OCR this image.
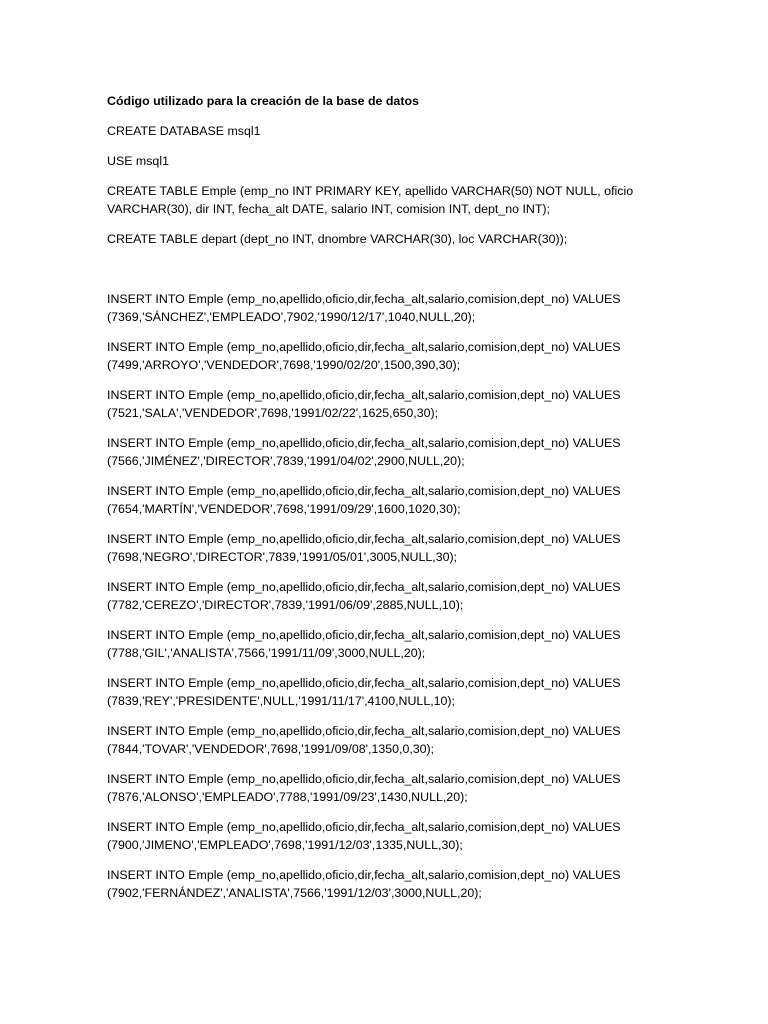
Código utilizado para la creación de la base de datos

CREATE DATABASE msql1

USE msql1

CREATE TABLE Emple (emp_no INT PRIMARY KEY, apellido VARCHAR(50) NOT NULL, oficio VARCHAR(30), dir INT, fecha_alt DATE, salario INT, comision INT, dept_no INT);

CREATE TABLE depart (dept_no INT, dnombre VARCHAR(30), loc VARCHAR(30));

INSERT INTO Emple (emp_no,apellido,oficio,dir,fecha_alt,salario,comision,dept_no) VALUES
(7369,'SÁNCHEZ','EMPLEADO',7902,'1990/12/17',1040,NULL,20);
INSERT INTO Emple (emp_no,apellido,oficio,dir,fecha_alt,salario,comision,dept_no) VALUES
(7499,'ARROYO','VENDEDOR',7698,'1990/02/20',1500,390,30);
INSERT INTO Emple (emp_no,apellido,oficio,dir,fecha_alt,salario,comision,dept_no) VALUES
(7521,'SALA','VENDEDOR',7698,'1991/02/22',1625,650,30);
INSERT INTO Emple (emp_no,apellido,oficio,dir,fecha_alt,salario,comision,dept_no) VALUES
(7566,'JIMÉNEZ','DIRECTOR',7839,'1991/04/02',2900,NULL,20);
INSERT INTO Emple (emp_no,apellido,oficio,dir,fecha_alt,salario,comision,dept_no) VALUES
(7654,'MARTÍN','VENDEDOR',7698,'1991/09/29',1600,1020,30);
INSERT INTO Emple (emp_no,apellido,oficio,dir,fecha_alt,salario,comision,dept_no) VALUES
(7698,'NEGRO','DIRECTOR',7839,'1991/05/01',3005,NULL,30);
INSERT INTO Emple (emp_no,apellido,oficio,dir,fecha_alt,salario,comision,dept_no) VALUES
(7782,'CEREZO','DIRECTOR',7839,'1991/06/09',2885,NULL,10);
INSERT INTO Emple (emp_no,apellido,oficio,dir,fecha_alt,salario,comision,dept_no) VALUES
(7788,'GIL','ANALISTA',7566,'1991/11/09',3000,NULL,20);
INSERT INTO Emple (emp_no,apellido,oficio,dir,fecha_alt,salario,comision,dept_no) VALUES
(7839,'REY','PRESIDENTE',NULL,'1991/11/17',4100,NULL,10);
INSERT INTO Emple (emp_no,apellido,oficio,dir,fecha_alt,salario,comision,dept_no) VALUES
(7844,'TOVAR','VENDEDOR',7698,'1991/09/08',1350,0,30);
INSERT INTO Emple (emp_no,apellido,oficio,dir,fecha_alt,salario,comision,dept_no) VALUES
(7876,'ALONSO','EMPLEADO',7788,'1991/09/23',1430,NULL,20);
INSERT INTO Emple (emp_no,apellido,oficio,dir,fecha_alt,salario,comision,dept_no) VALUES
(7900,'JIMENO','EMPLEADO',7698,'1991/12/03',1335,NULL,30);
INSERT INTO Emple (emp_no,apellido,oficio,dir,fecha_alt,salario,comision,dept_no) VALUES
(7902,'FERNÁNDEZ','ANALISTA',7566,'1991/12/03',3000,NULL,20);
